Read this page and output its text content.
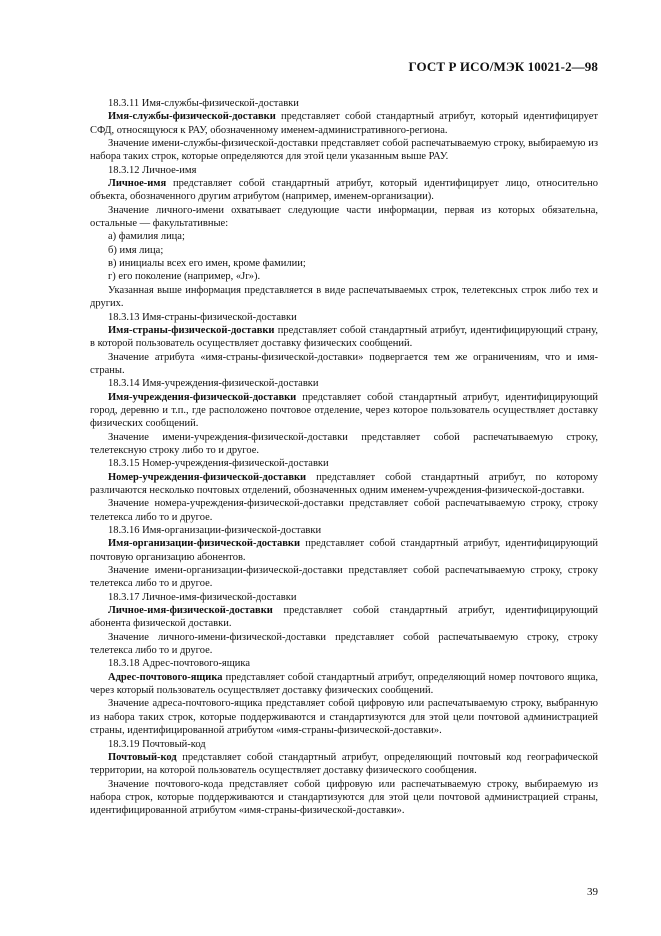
ГОСТ Р ИСО/МЭК 10021-2—98

18.3.11 Имя-службы-физической-доставки

Имя-службы-физической-доставки представляет собой стандартный атрибут, который идентифицирует СФД, относящуюся к РАУ, обозначенному именем-административного-региона.

Значение имени-службы-физической-доставки представляет собой распечатываемую строку, выбираемую из набора таких строк, которые определяются для этой цели указанным выше РАУ.

18.3.12 Личное-имя

Личное-имя представляет собой стандартный атрибут, который идентифицирует лицо, относительно объекта, обозначенного другим атрибутом (например, именем-организации).

Значение личного-имени охватывает следующие части информации, первая из которых обязательна, остальные — факультативные:

а) фамилия лица;

б) имя лица;

в) инициалы всех его имен, кроме фамилии;

г) его поколение (например, «Jr»).

Указанная выше информация представляется в виде распечатываемых строк, телетексных строк либо тех и других.

18.3.13 Имя-страны-физической-доставки

Имя-страны-физической-доставки представляет собой стандартный атрибут, идентифицирующий страну, в которой пользователь осуществляет доставку физических сообщений.

Значение атрибута «имя-страны-физической-доставки» подвергается тем же ограничениям, что и имя-страны.

18.3.14 Имя-учреждения-физической-доставки

Имя-учреждения-физической-доставки представляет собой стандартный атрибут, идентифицирующий город, деревню и т.п., где расположено почтовое отделение, через которое пользователь осуществляет доставку физических сообщений.

Значение имени-учреждения-физической-доставки представляет собой распечатываемую строку, телетексную строку либо то и другое.

18.3.15 Номер-учреждения-физической-доставки

Номер-учреждения-физической-доставки представляет собой стандартный атрибут, по которому различаются несколько почтовых отделений, обозначенных одним именем-учреждения-физической-доставки.

Значение номера-учреждения-физической-доставки представляет собой распечатываемую строку, строку телетекса либо то и другое.

18.3.16 Имя-организации-физической-доставки

Имя-организации-физической-доставки представляет собой стандартный атрибут, идентифицирующий почтовую организацию абонентов.

Значение имени-организации-физической-доставки представляет собой распечатываемую строку, строку телетекса либо то и другое.

18.3.17 Личное-имя-физической-доставки

Личное-имя-физической-доставки представляет собой стандартный атрибут, идентифицирующий абонента физической доставки.

Значение личного-имени-физической-доставки представляет собой распечатываемую строку, строку телетекса либо то и другое.

18.3.18 Адрес-почтового-ящика

Адрес-почтового-ящика представляет собой стандартный атрибут, определяющий номер почтового ящика, через который пользователь осуществляет доставку физических сообщений.

Значение адреса-почтового-ящика представляет собой цифровую или распечатываемую строку, выбранную из набора таких строк, которые поддерживаются и стандартизуются для этой цели почтовой администрацией страны, идентифицированной атрибутом «имя-страны-физической-доставки».

18.3.19 Почтовый-код

Почтовый-код представляет собой стандартный атрибут, определяющий почтовый код географической территории, на которой пользователь осуществляет доставку физического сообщения.

Значение почтового-кода представляет собой цифровую или распечатываемую строку, выбираемую из набора строк, которые поддерживаются и стандартизуются для этой цели почтовой администрацией страны, идентифицированной атрибутом «имя-страны-физической-доставки».

39
